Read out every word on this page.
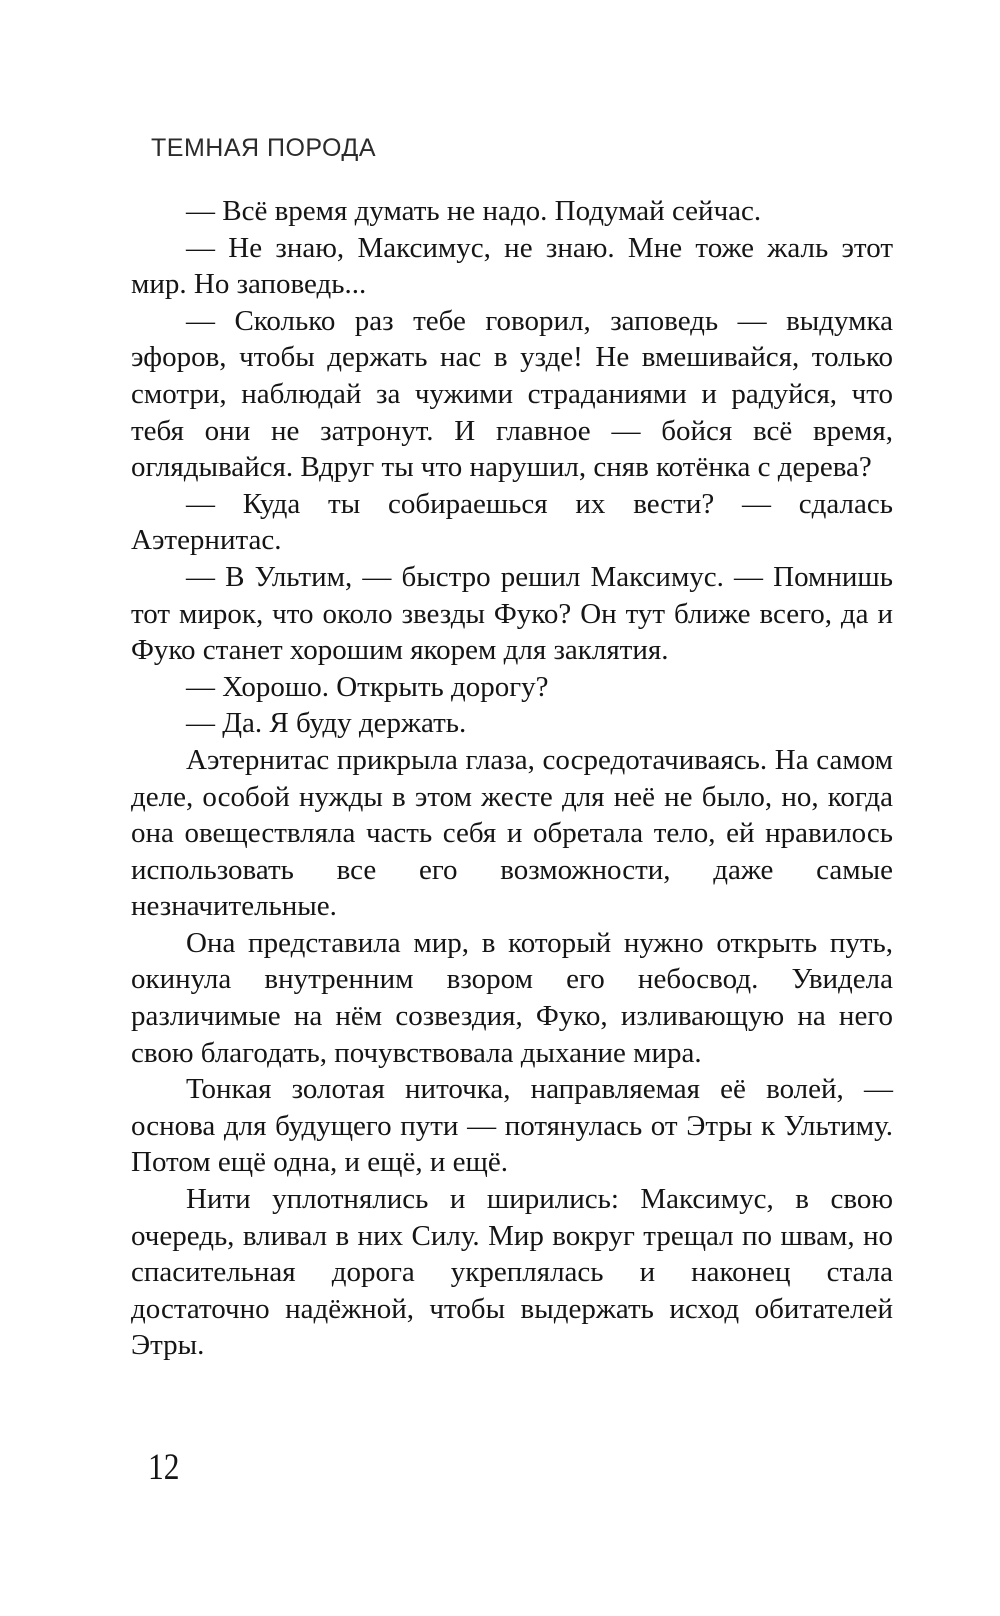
ТЕМНАЯ ПОРОДА

— Всё время думать не надо. Подумай сейчас.

— Не знаю, Максимус, не знаю. Мне тоже жаль этот мир. Но заповедь...

— Сколько раз тебе говорил, заповедь — выдумка эфоров, чтобы держать нас в узде! Не вмешивайся, только смотри, наблюдай за чужими страданиями и радуйся, что тебя они не затронут. И главное — бойся всё время, оглядывайся. Вдруг ты что нарушил, сняв котёнка с дерева?

— Куда ты собираешься их вести? — сдалась Аэтернитас.

— В Ультим, — быстро решил Максимус. — Помнишь тот мирок, что около звезды Фуко? Он тут ближе всего, да и Фуко станет хорошим якорем для заклятия.

— Хорошо. Открыть дорогу?

— Да. Я буду держать.

Аэтернитас прикрыла глаза, сосредотачиваясь. На самом деле, особой нужды в этом жесте для неё не было, но, когда она овеществляла часть себя и обретала тело, ей нравилось использовать все его возможности, даже самые незначительные.

Она представила мир, в который нужно открыть путь, окинула внутренним взором его небосвод. Увидела различимые на нём созвездия, Фуко, изливающую на него свою благодать, почувствовала дыхание мира.

Тонкая золотая ниточка, направляемая её волей, — основа для будущего пути — потянулась от Этры к Ультиму. Потом ещё одна, и ещё, и ещё.

Нити уплотнялись и ширились: Максимус, в свою очередь, вливал в них Силу. Мир вокруг трещал по швам, но спасительная дорога укреплялась и наконец стала достаточно надёжной, чтобы выдержать исход обитателей Этры.

12
